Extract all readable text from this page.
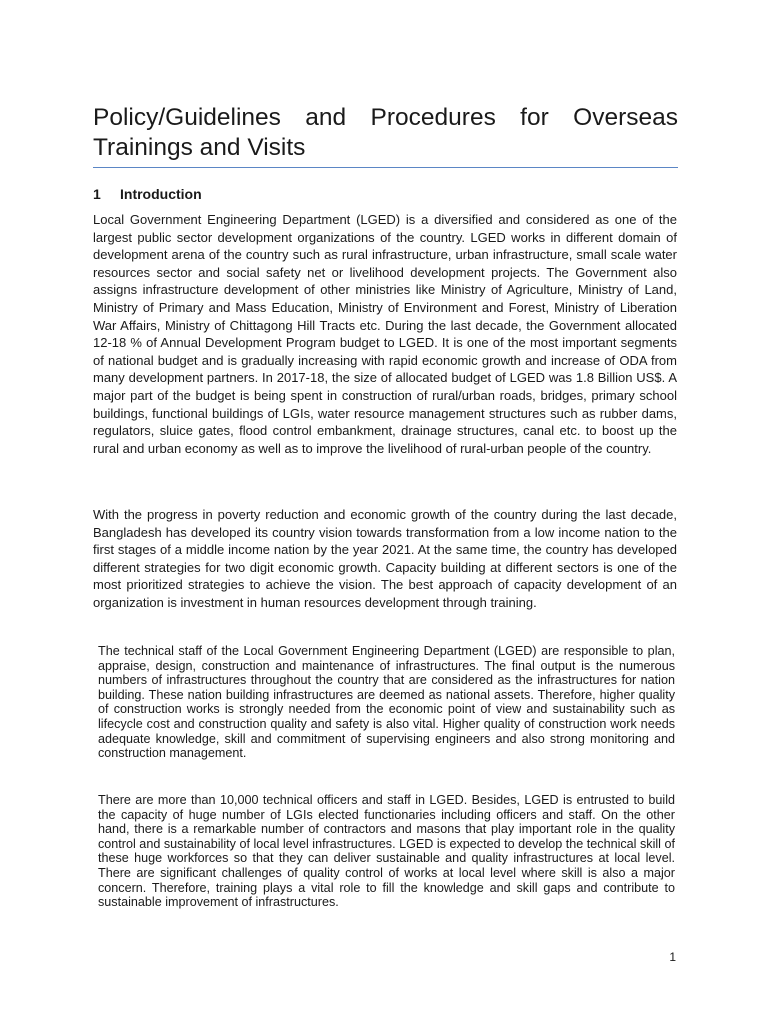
Policy/Guidelines and Procedures for Overseas Trainings and Visits
1 Introduction

Local Government Engineering Department (LGED) is a diversified and considered as one of the largest public sector development organizations of the country. LGED works in different domain of development arena of the country such as rural infrastructure, urban infrastructure, small scale water resources sector and social safety net or livelihood development projects. The Government also assigns infrastructure development of other ministries like Ministry of Agriculture, Ministry of Land, Ministry of Primary and Mass Education, Ministry of Environment and Forest, Ministry of Liberation War Affairs, Ministry of Chittagong Hill Tracts etc. During the last decade, the Government allocated 12-18 % of Annual Development Program budget to LGED. It is one of the most important segments of national budget and is gradually increasing with rapid economic growth and increase of ODA from many development partners. In 2017-18, the size of allocated budget of LGED was 1.8 Billion US$. A major part of the budget is being spent in construction of rural/urban roads, bridges, primary school buildings, functional buildings of LGIs, water resource management structures such as rubber dams, regulators, sluice gates, flood control embankment, drainage structures, canal etc. to boost up the rural and urban economy as well as to improve the livelihood of rural-urban people of the country.

With the progress in poverty reduction and economic growth of the country during the last decade, Bangladesh has developed its country vision towards transformation from a low income nation to the first stages of a middle income nation by the year 2021. At the same time, the country has developed different strategies for two digit economic growth. Capacity building at different sectors is one of the most prioritized strategies to achieve the vision. The best approach of capacity development of an organization is investment in human resources development through training.

The technical staff of the Local Government Engineering Department (LGED) are responsible to plan, appraise, design, construction and maintenance of infrastructures. The final output is the numerous numbers of infrastructures throughout the country that are considered as the infrastructures for nation building. These nation building infrastructures are deemed as national assets. Therefore, higher quality of construction works is strongly needed from the economic point of view and sustainability such as lifecycle cost and construction quality and safety is also vital. Higher quality of construction work needs adequate knowledge, skill and commitment of supervising engineers and also strong monitoring and construction management.

There are more than 10,000 technical officers and staff in LGED. Besides, LGED is entrusted to build the capacity of huge number of LGIs elected functionaries including officers and staff. On the other hand, there is a remarkable number of contractors and masons that play important role in the quality control and sustainability of local level infrastructures. LGED is expected to develop the technical skill of these huge workforces so that they can deliver sustainable and quality infrastructures at local level. There are significant challenges of quality control of works at local level where skill is also a major concern. Therefore, training plays a vital role to fill the knowledge and skill gaps and contribute to sustainable improvement of infrastructures.

1
